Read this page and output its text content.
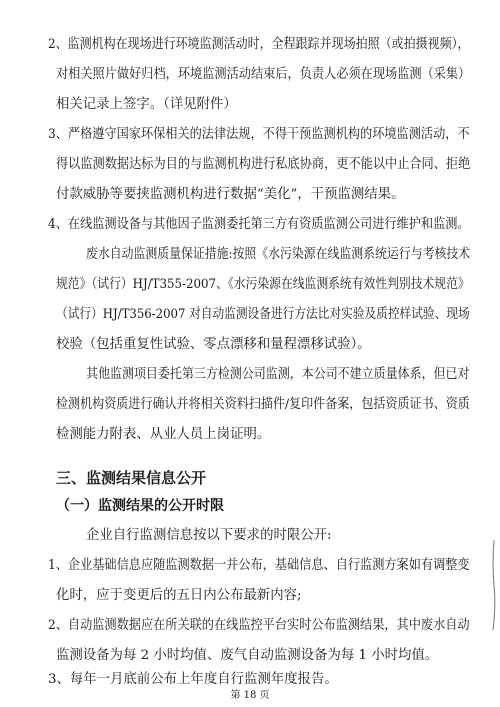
2、监测机构在现场进行环境监测活动时，全程跟踪并现场拍照（或拍摄视频），
对相关照片做好归档，环境监测活动结束后，负责人必须在现场监测（采集）
相关记录上签字。（详见附件）
3、严格遵守国家环保相关的法律法规，不得干预监测机构的环境监测活动，不
得以监测数据达标为目的与监测机构进行私底协商，更不能以中止合同、拒绝
付款威胁等要挟监测机构进行数据“美化”，干预监测结果。
4、在线监测设备与其他因子监测委托第三方有资质监测公司进行维护和监测。
废水自动监测质量保证措施:按照《水污染源在线监测系统运行与考核技术
规范》（试行）HJ/T355-2007、《水污染源在线监测系统有效性判别技术规范》
（试行）HJ/T356-2007 对自动监测设备进行方法比对实验及质控样试验、现场
校验（包括重复性试验、零点漂移和量程漂移试验）。
其他监测项目委托第三方检测公司监测，本公司不建立质量体系，但已对
检测机构资质进行确认并将相关资料扫描件/复印件备案，包括资质证书、资质
检测能力附表、从业人员上岗证明。
三、监测结果信息公开
（一）监测结果的公开时限
企业自行监测信息按以下要求的时限公开:
1、企业基础信息应随监测数据一并公布，基础信息、自行监测方案如有调整变
化时，应于变更后的五日内公布最新内容;
2、自动监测数据应在所关联的在线监控平台实时公布监测结果，其中废水自动
监测设备为每 2 小时均值、废气自动监测设备为每 1 小时均值。
3、每年一月底前公布上年度自行监测年度报告。
第 18 页
